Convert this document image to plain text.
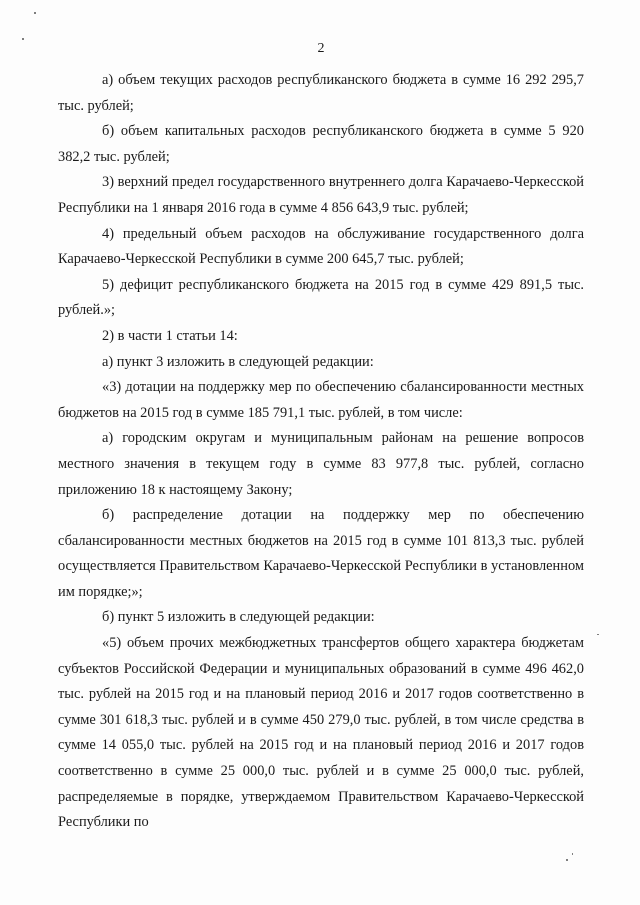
2

а) объем текущих расходов республиканского бюджета в сумме 16 292 295,7 тыс. рублей;

б) объем капитальных расходов республиканского бюджета в сумме 5 920 382,2 тыс. рублей;

3) верхний предел государственного внутреннего долга Карачаево-Черкесской Республики на 1 января 2016 года в сумме 4 856 643,9 тыс. рублей;

4) предельный объем расходов на обслуживание государственного долга Карачаево-Черкесской Республики в сумме 200 645,7 тыс. рублей;

5) дефицит республиканского бюджета на 2015 год в сумме 429 891,5 тыс. рублей.»;

2) в части 1 статьи 14:

а) пункт 3 изложить в следующей редакции:

«3) дотации на поддержку мер по обеспечению сбалансированности местных бюджетов на 2015 год в сумме 185 791,1 тыс. рублей, в том числе:

а) городским округам и муниципальным районам на решение вопросов местного значения в текущем году в сумме 83 977,8 тыс. рублей, согласно приложению 18 к настоящему Закону;

б) распределение дотации на поддержку мер по обеспечению сбалансированности местных бюджетов на 2015 год в сумме 101 813,3 тыс. рублей осуществляется Правительством Карачаево-Черкесской Республики в установленном им порядке;»;

б) пункт 5 изложить в следующей редакции:

«5) объем прочих межбюджетных трансфертов общего характера бюджетам субъектов Российской Федерации и муниципальных образований в сумме 496 462,0 тыс. рублей на 2015 год и на плановый период 2016 и 2017 годов соответственно в сумме 301 618,3 тыс. рублей и в сумме 450 279,0 тыс. рублей, в том числе средства в сумме 14 055,0 тыс. рублей на 2015 год и на плановый период 2016 и 2017 годов соответственно в сумме 25 000,0 тыс. рублей и в сумме 25 000,0 тыс. рублей, распределяемые в порядке, утверждаемом Правительством Карачаево-Черкесской Республики по
